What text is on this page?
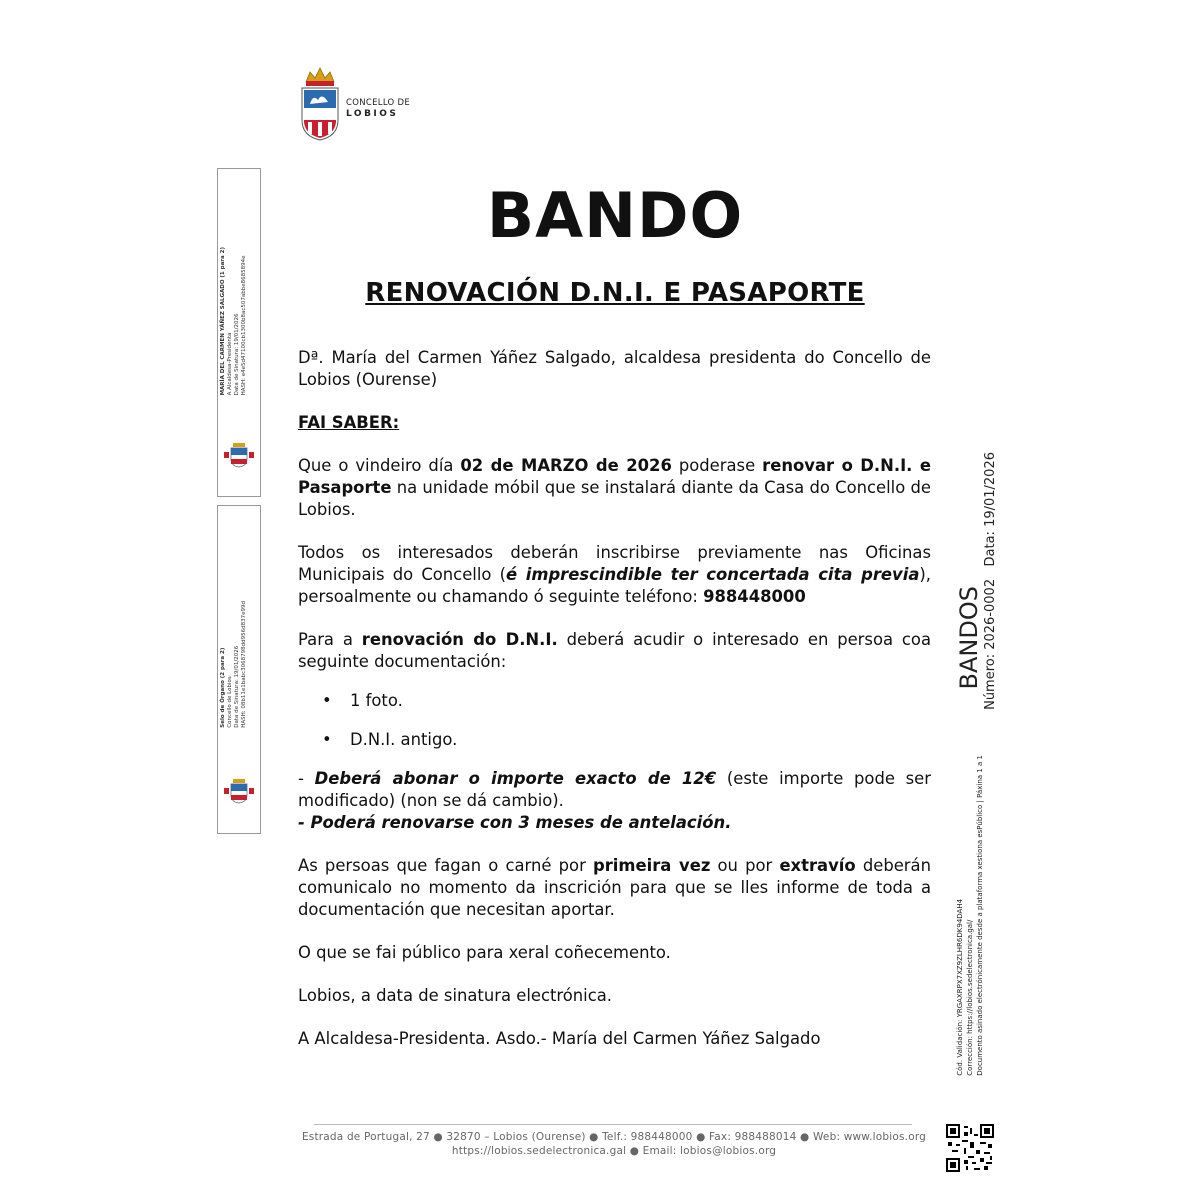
CONCELLO DE
LOBIOS
BANDO
RENOVACIÓN D.N.I. E PASAPORTE

Dª. María del Carmen Yáñez Salgado, alcaldesa presidenta do Concello de Lobios (Ourense)

FAI SABER:

Que o vindeiro día 02 de MARZO de 2026 poderase renovar o D.N.I. e Pasaporte na unidade móbil que se instalará diante da Casa do Concello de Lobios.

Todos os interesados deberán inscribirse previamente nas Oficinas Municipais do Concello (é imprescindible ter concertada cita previa), persoalmente ou chamando ó seguinte teléfono: 988448000

Para a renovación do D.N.I. deberá acudir o interesado en persoa coa seguinte documentación:

• 1 foto.
• D.N.I. antigo.

- Deberá abonar o importe exacto de 12€ (este importe pode ser modificado) (non se dá cambio).

- Poderá renovarse con 3 meses de antelación.

As persoas que fagan o carné por primeira vez ou por extravío deberán comunicalo no momento da inscrición para que se lles informe de toda a documentación que necesitan aportar.

O que se fai público para xeral coñecemento.

Lobios, a data de sinatura electrónica.

A Alcaldesa-Presidenta. Asdo.- María del Carmen Yáñez Salgado

MARÍA DEL CARMEN YÁÑEZ SALGADO (1 para 2) A Alcaldesa-Presidenta Data de Sinatura: 19/01/2026 HASH: e4e5d47100cb1300b8ac507abbe8685894e
Selo de Órgano (2 para 2) Concello de Lobios Data de Sinatura: 19/01/2026 HASH: 08b11e1babc3068798dd956d837e99d	BANDOS Número: 2026-0002   Data: 19/01/2026
Cód. Validación: YRGAXRPX7XZ9ZLHR6DK94DAH4 Corrección: https://lobios.sedelectronica.gal/ Documento asinado electrónicamente desde a plataforma xestiona esPúblico | Páxina 1 a 1
Estrada de Portugal, 27 ● 32870 – Lobios (Ourense) ● Telf.: 988448000 ● Fax: 988488014 ● Web: www.lobios.org
https://lobios.sedelectronica.gal ● Email: lobios@lobios.org
